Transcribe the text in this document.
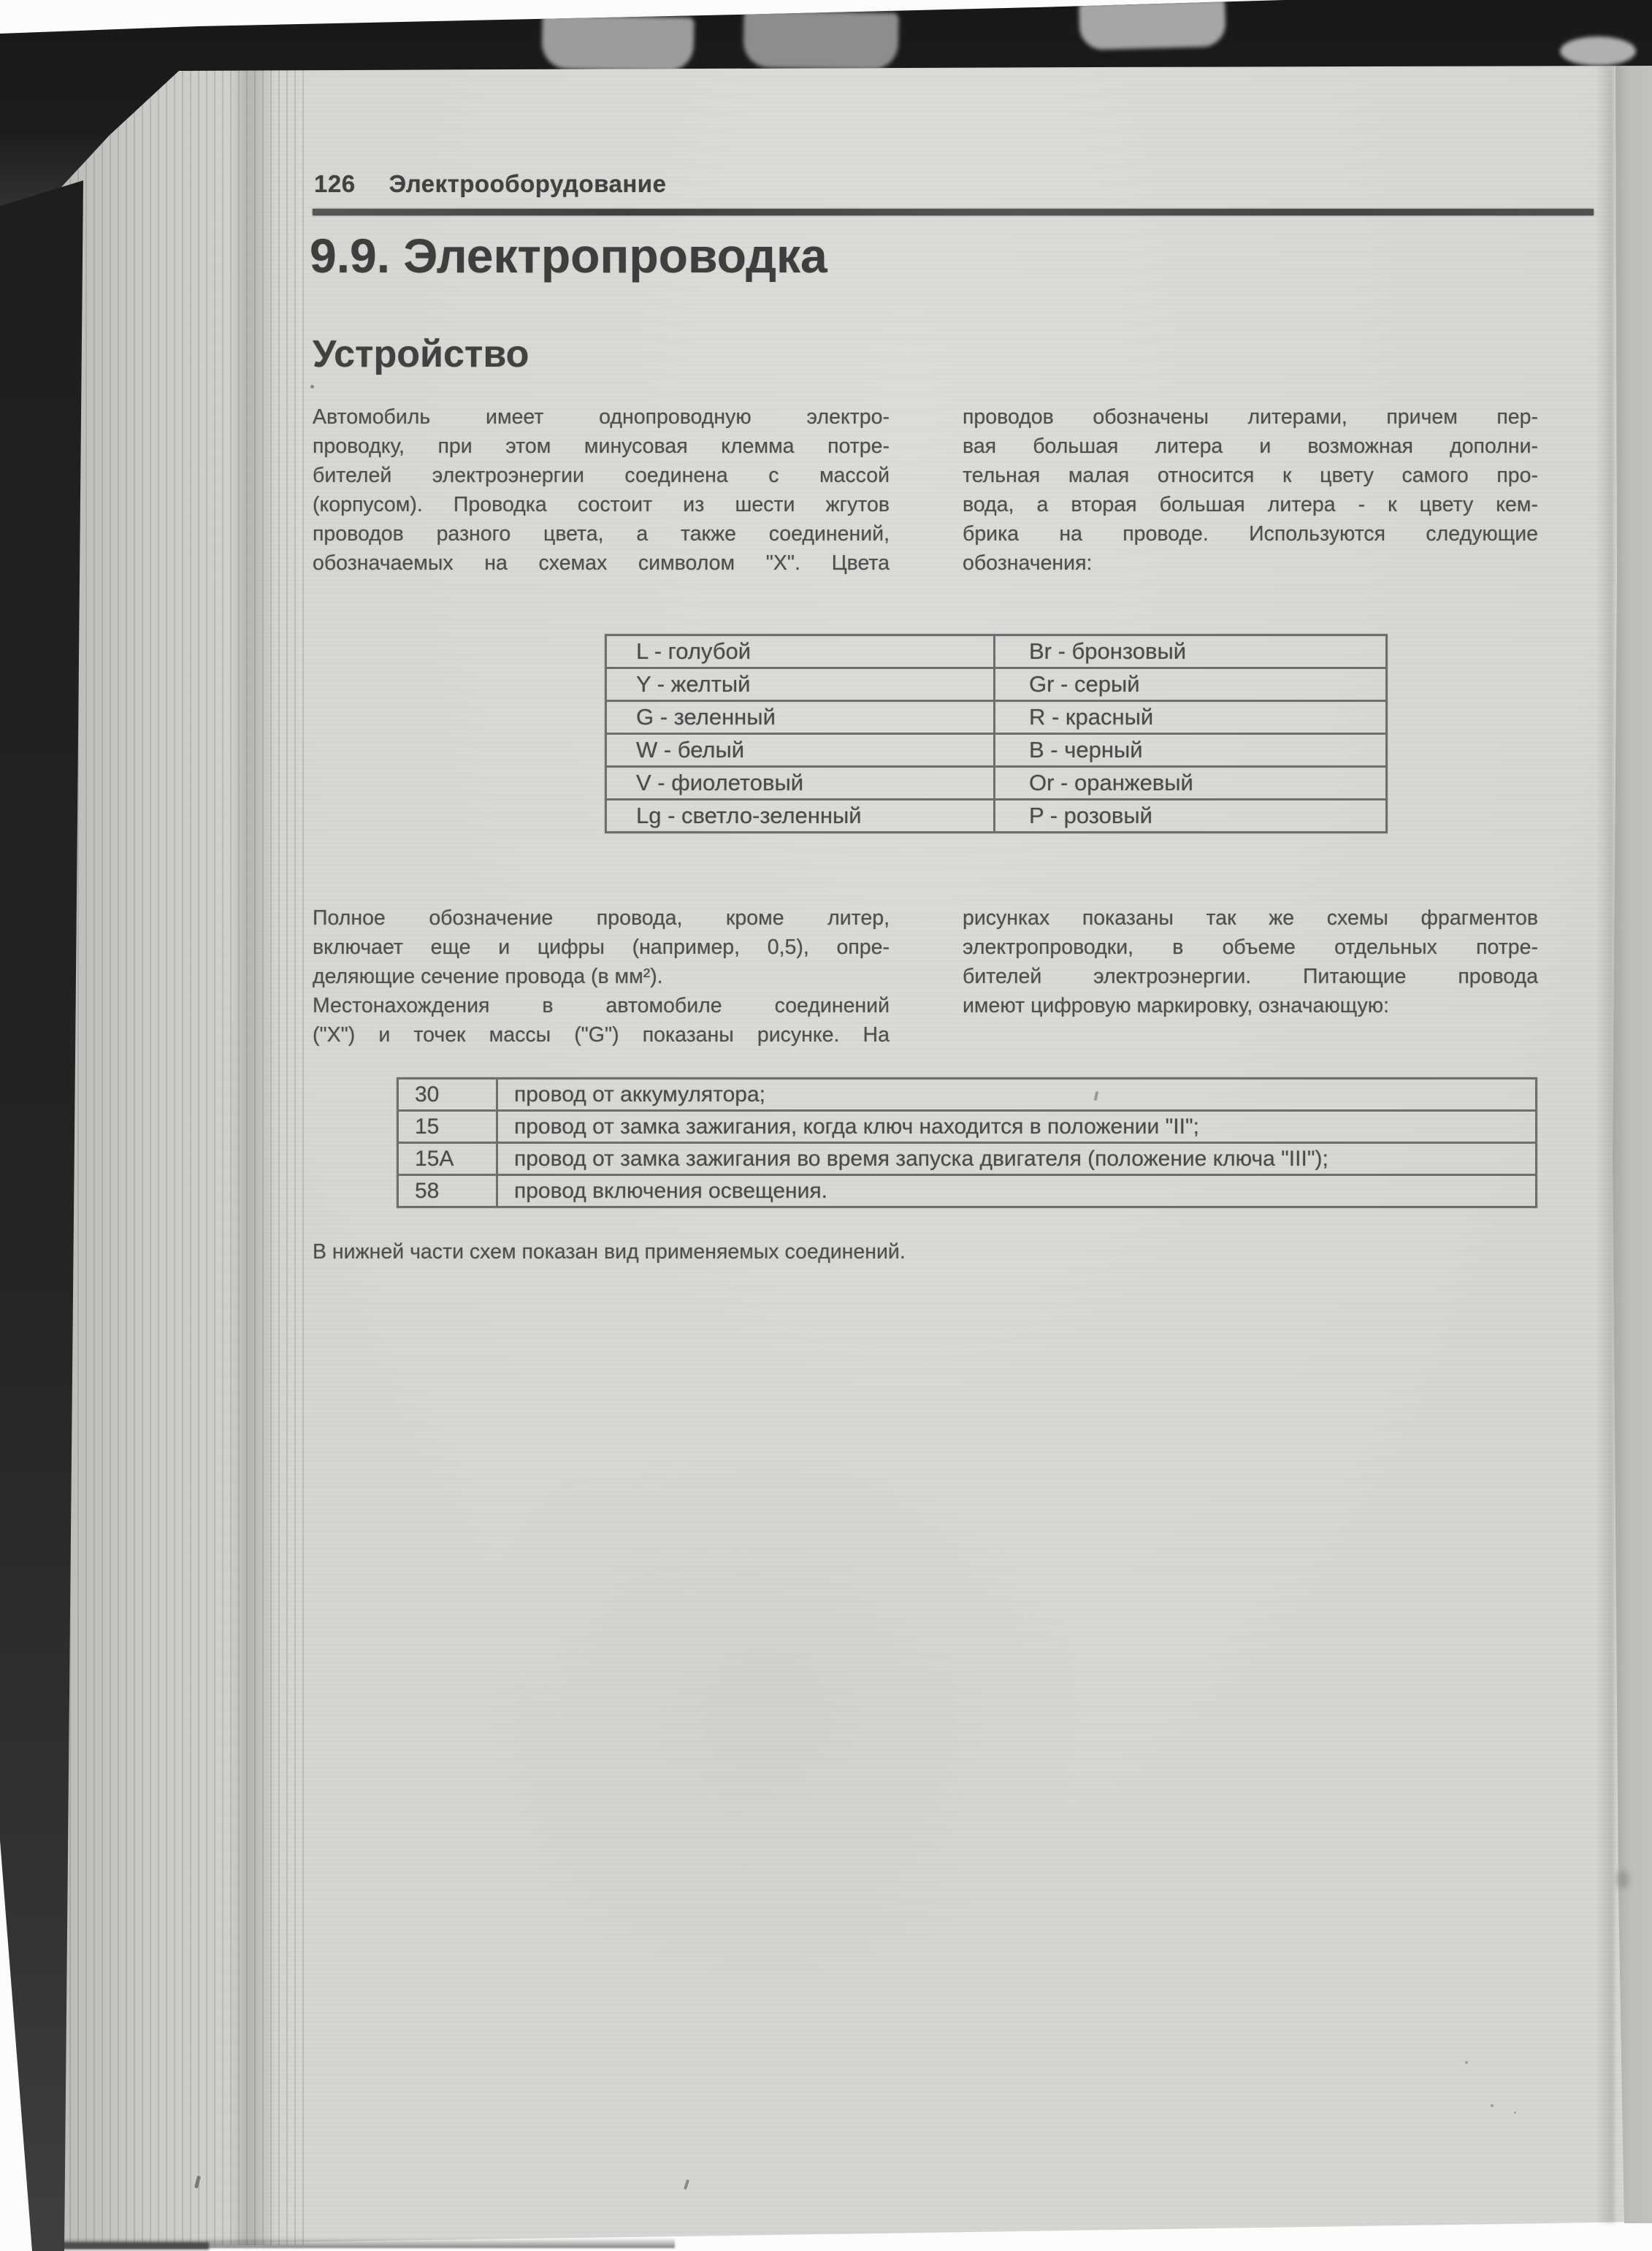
126 Электрооборудование
9.9. Электропроводка
Устройство
Автомобиль имеет однопроводную электро-
проводку, при этом минусовая клемма потре-
бителей электроэнергии соединена с массой
(корпусом). Проводка состоит из шести жгутов
проводов разного цвета, а также соединений,
обозначаемых на схемах символом "X". Цвета
проводов обозначены литерами, причем пер-
вая большая литера и возможная дополни-
тельная малая относится к цвету самого про-
вода, а вторая большая литера - к цвету кем-
брика на проводе. Используются следующие
обозначения:
L - голубой	Br - бронзовый
Y - желтый	Gr - серый
G - зеленный	R - красный
W - белый	B - черный
V - фиолетовый	Or - оранжевый
Lg - светло-зеленный	P - розовый
Полное обозначение провода, кроме литер,
включает еще и цифры (например, 0,5), опре-
деляющие сечение провода (в мм²).
Местонахождения в автомобиле соединений
("X") и точек массы ("G") показаны рисунке. На
рисунках показаны так же схемы фрагментов
электропроводки, в объеме отдельных потре-
бителей электроэнергии. Питающие провода
имеют цифровую маркировку, означающую:
30	провод от аккумулятора;
15	провод от замка зажигания, когда ключ находится в положении "II";
15А	провод от замка зажигания во время запуска двигателя (положение ключа "III");
58	провод включения освещения.
В нижней части схем показан вид применяемых соединений.
